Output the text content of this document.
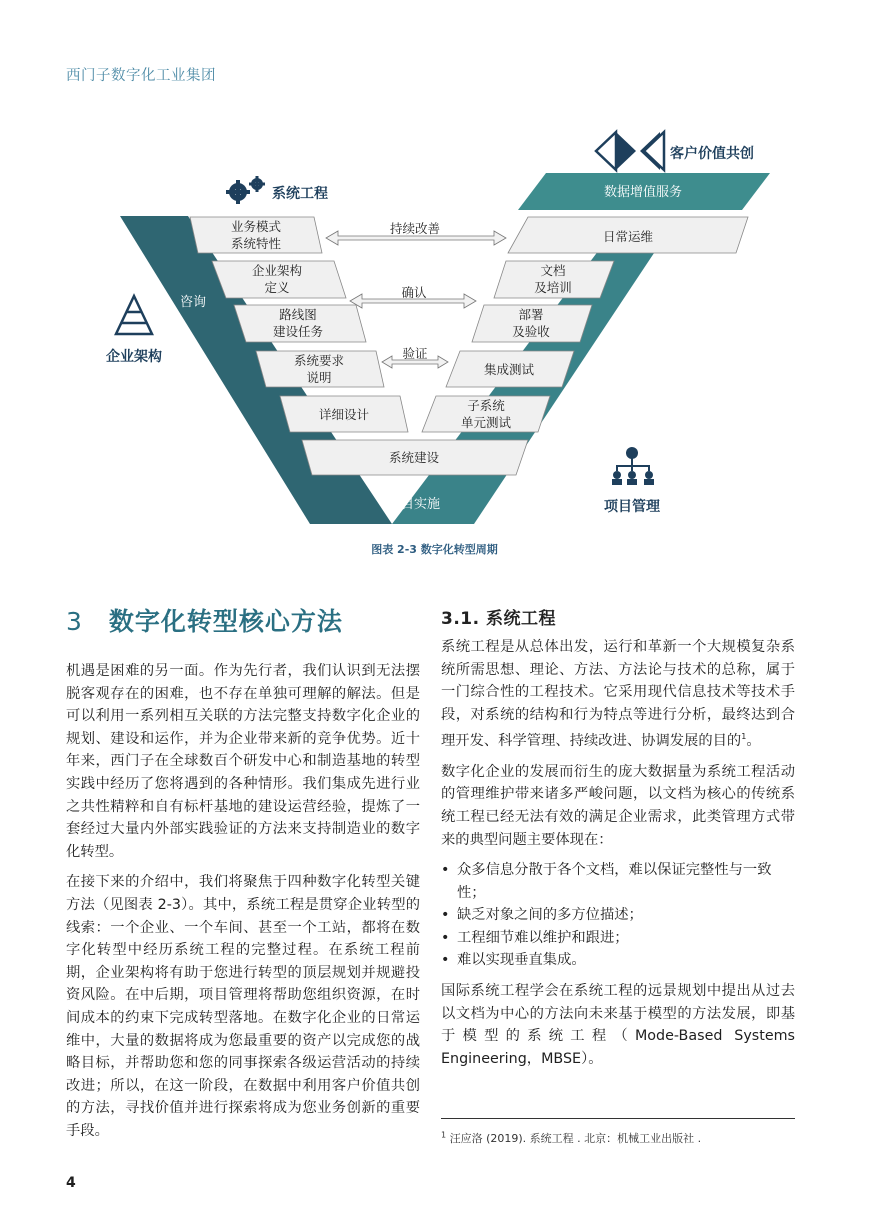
西门子数字化工业集团
数据增值服务
客户价值共创
系统工程
企业架构
项目管理
咨询
项目实施
业务模式
系统特性
企业架构
定义
路线图
建设任务
系统要求
说明
详细设计
日常运维
文档
及培训
部署
及验收
集成测试
子系统
单元测试
系统建设
持续改善
确认
验证
图表 2-3 数字化转型周期
3 数字化转型核心方法

机遇是困难的另一面。作为先行者，我们认识到无法摆脱客观存在的困难，也不存在单独可理解的解法。但是可以利用一系列相互关联的方法完整支持数字化企业的规划、建设和运作，并为企业带来新的竞争优势。近十年来，西门子在全球数百个研发中心和制造基地的转型实践中经历了您将遇到的各种情形。我们集成先进行业之共性精粹和自有标杆基地的建设运营经验，提炼了一套经过大量内外部实践验证的方法来支持制造业的数字化转型。

在接下来的介绍中，我们将聚焦于四种数字化转型关键方法（见图表 2-3）。其中，系统工程是贯穿企业转型的线索：一个企业、一个车间、甚至一个工站，都将在数字化转型中经历系统工程的完整过程。在系统工程前期，企业架构将有助于您进行转型的顶层规划并规避投资风险。在中后期，项目管理将帮助您组织资源，在时间成本的约束下完成转型落地。在数字化企业的日常运维中，大量的数据将成为您最重要的资产以完成您的战略目标，并帮助您和您的同事探索各级运营活动的持续改进；所以，在这一阶段，在数据中利用客户价值共创的方法，寻找价值并进行探索将成为您业务创新的重要手段。

3.1. 系统工程

系统工程是从总体出发，运行和革新一个大规模复杂系统所需思想、理论、方法、方法论与技术的总称，属于一门综合性的工程技术。它采用现代信息技术等技术手段，对系统的结构和行为特点等进行分析，最终达到合理开发、科学管理、持续改进、协调发展的目的$^1$。

数字化企业的发展而衍生的庞大数据量为系统工程活动的管理维护带来诸多严峻问题，以文档为核心的传统系统工程已经无法有效的满足企业需求，此类管理方式带来的典型问题主要体现在：

• 众多信息分散于各个文档，难以保证完整性与一致性；
• 缺乏对象之间的多方位描述；
• 工程细节难以维护和跟进；
• 难以实现垂直集成。

国际系统工程学会在系统工程的远景规划中提出从过去以文档为中心的方法向未来基于模型的方法发展，即基于模型的系统工程（Mode-Based Systems Engineering，MBSE）。

$^1$ 汪应洛 (2019). 系统工程 . 北京：机械工业出版社 .
4
